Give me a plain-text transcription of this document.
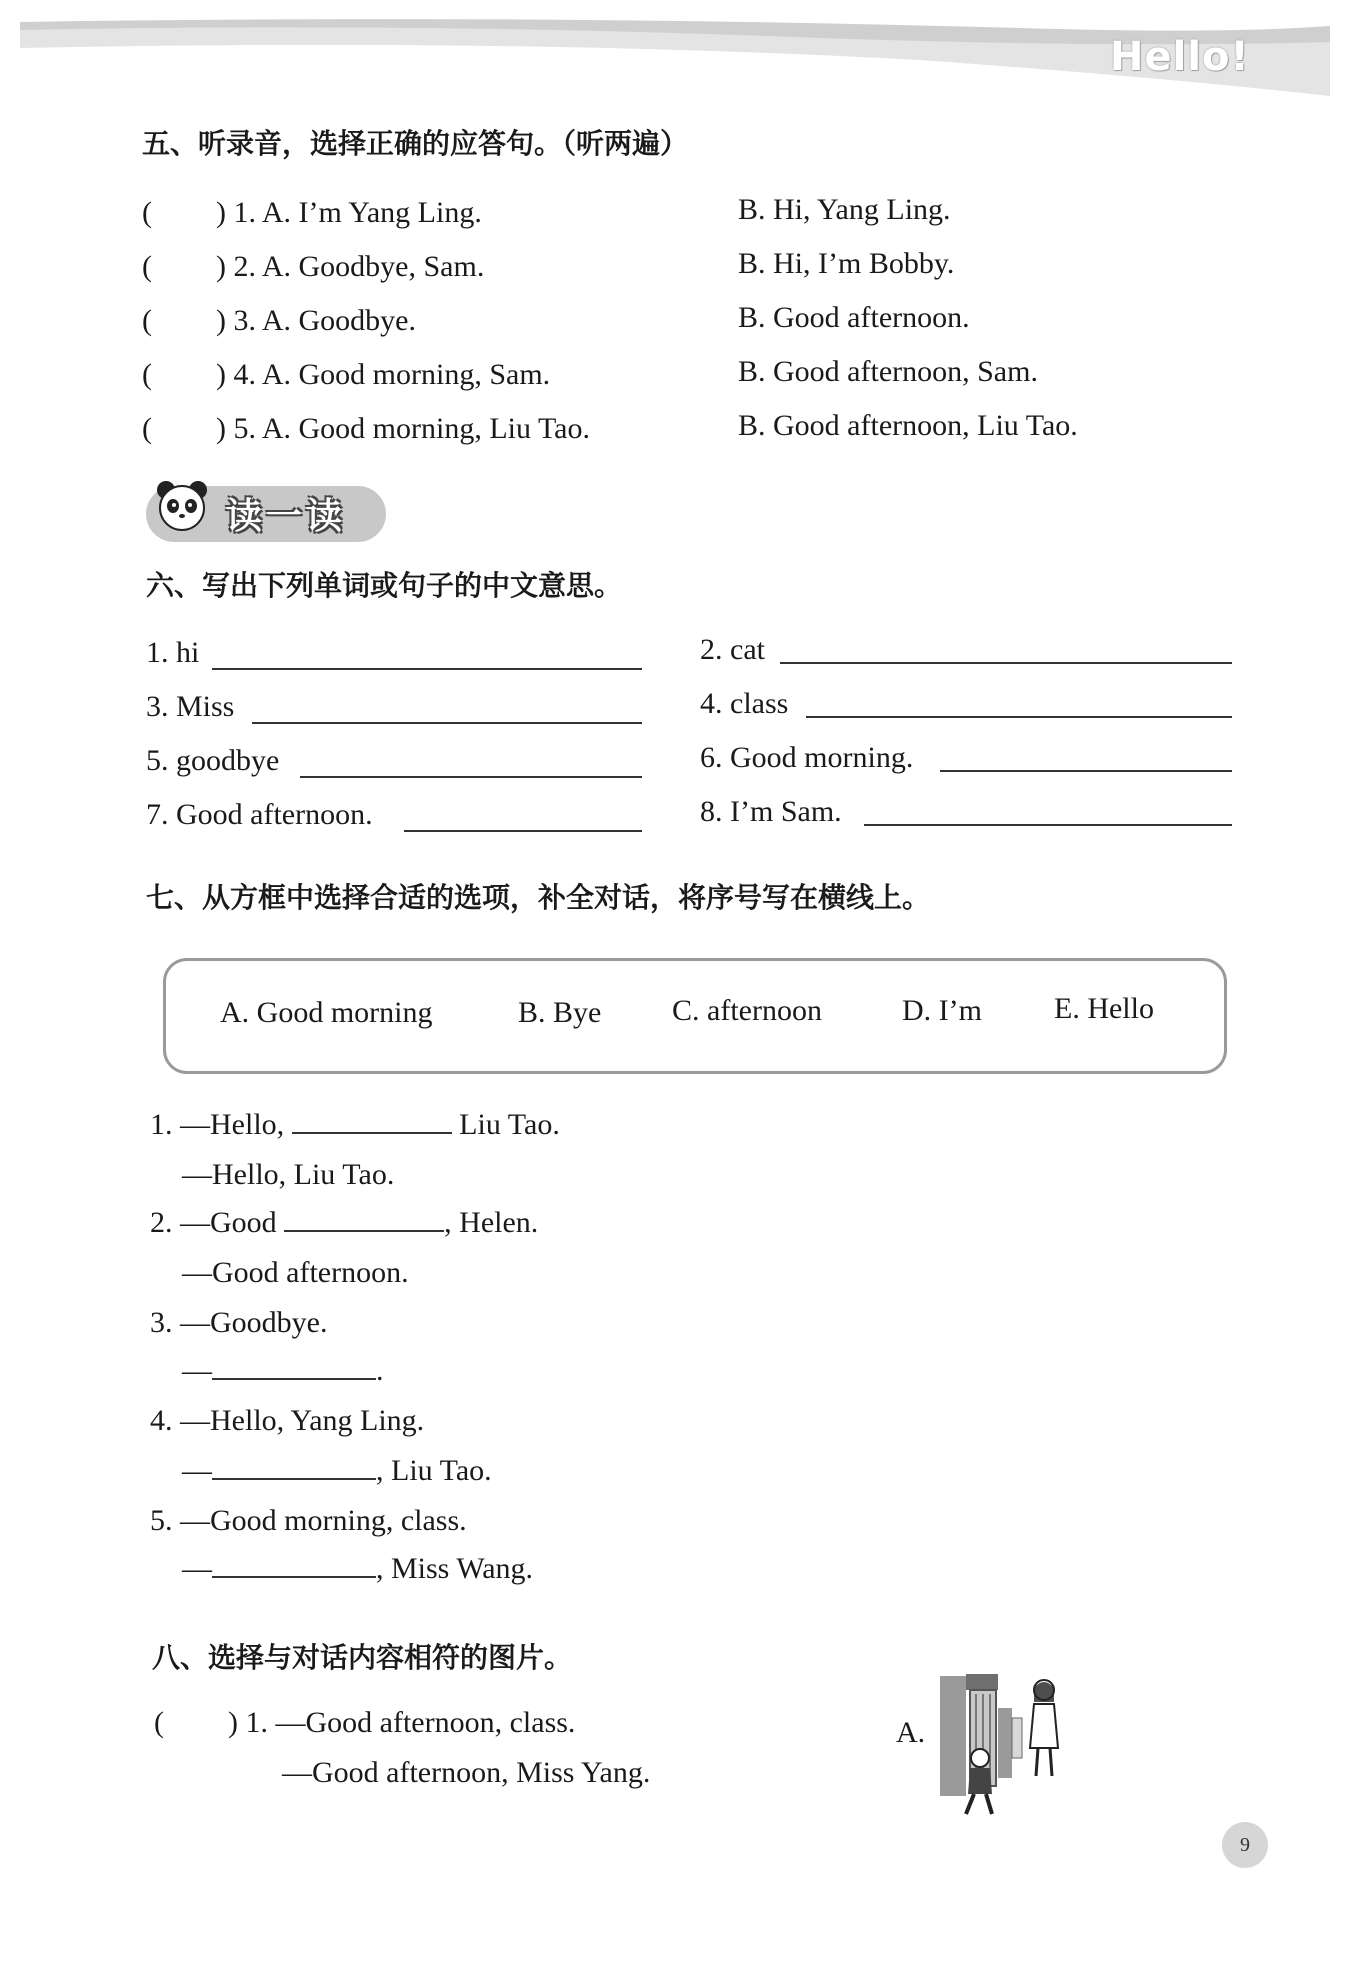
Hello!
五、听录音，选择正确的应答句。（听两遍）
( ) 1. A. I’m Yang Ling.	B. Hi, Yang Ling.
( ) 2. A. Goodbye, Sam.	B. Hi, I’m Bobby.
( ) 3. A. Goodbye.	B. Good afternoon.
( ) 4. A. Good morning, Sam.	B. Good afternoon, Sam.
( ) 5. A. Good morning, Liu Tao.	B. Good afternoon, Liu Tao.
读一读
六、写出下列单词或句子的中文意思。
1. hi	2. cat
3. Miss	4. class
5. goodbye	6. Good morning.
7. Good afternoon.	8. I’m Sam.
七、从方框中选择合适的选项，补全对话，将序号写在横线上。
A. Good morning	B. Bye C. afternoon	D. I’m E. Hello
1. —Hello,	Liu Tao.
—Hello, Liu Tao.
2. —Good	, Helen.
—Good afternoon.
3. —Goodbye.
—	.
4. —Hello, Yang Ling.
—	, Liu Tao.
5. —Good morning, class.
—	, Miss Wang.
八、选择与对话内容相符的图片。
( ) 1. —Good afternoon, class.
—Good afternoon, Miss Yang.
A.
9
